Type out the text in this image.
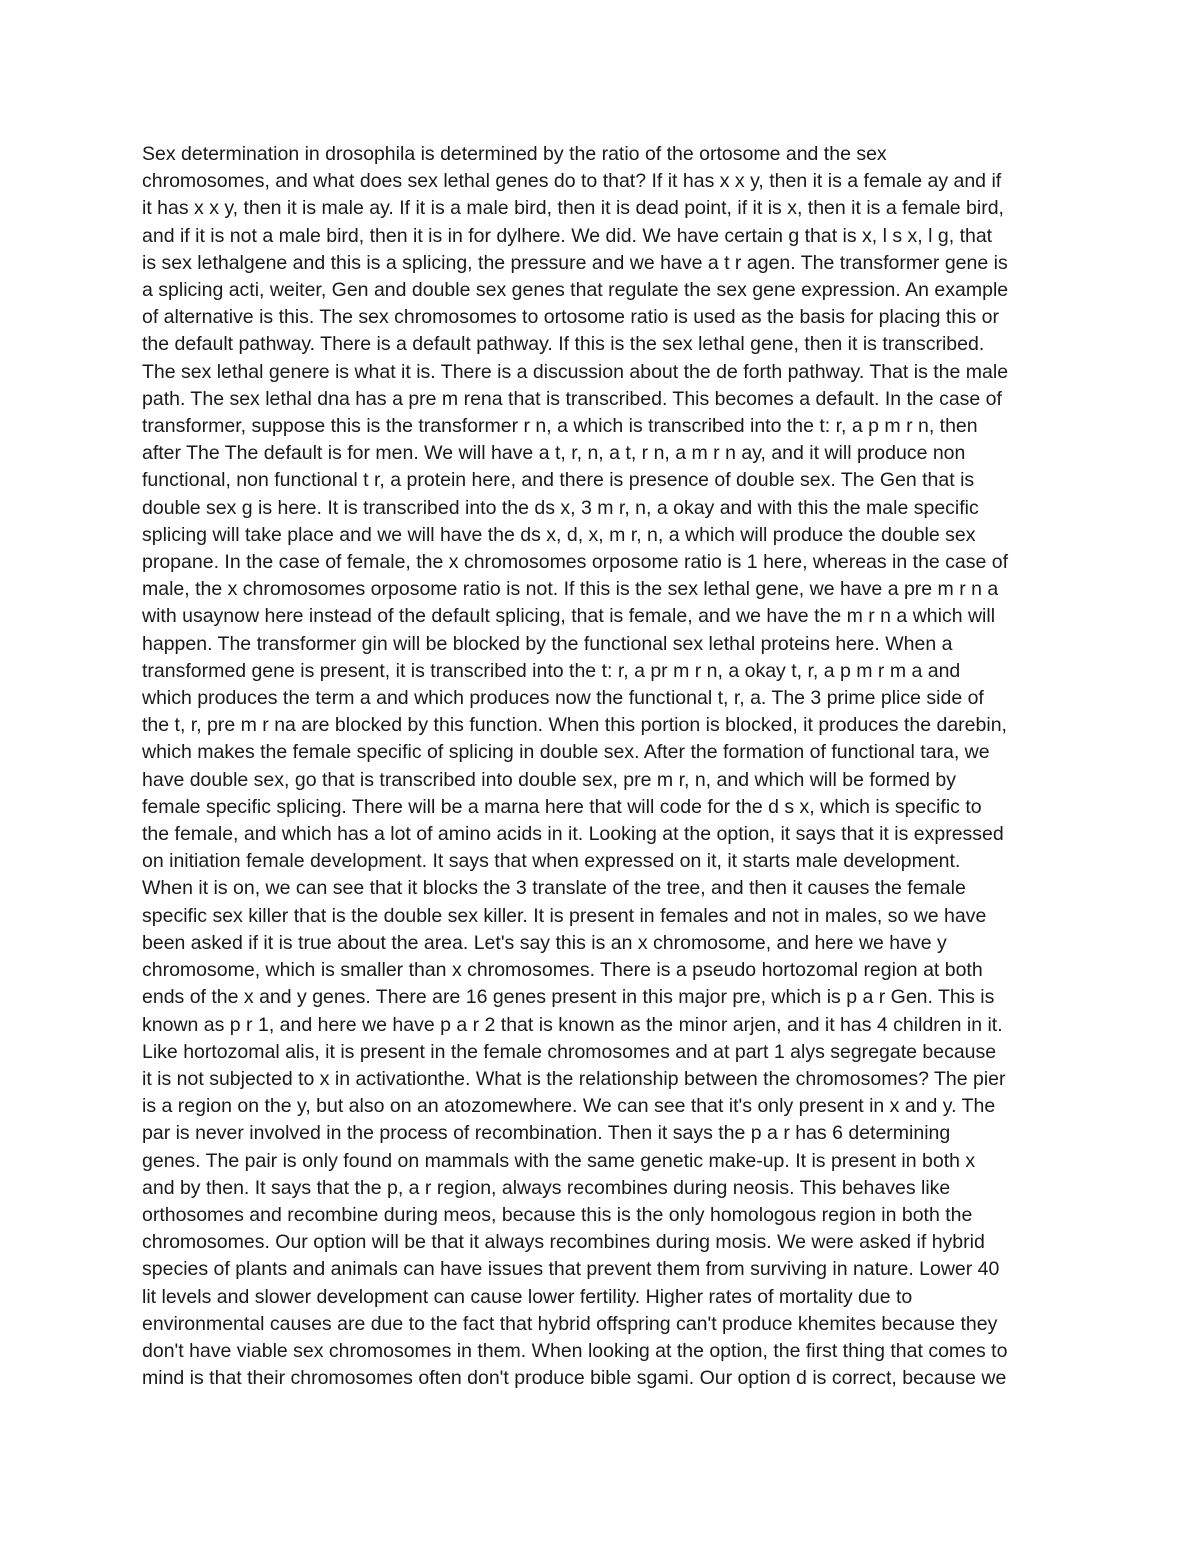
Sex determination in drosophila is determined by the ratio of the ortosome and the sex
chromosomes, and what does sex lethal genes do to that? If it has x x y, then it is a female ay and if
it has x x y, then it is male ay. If it is a male bird, then it is dead point, if it is x, then it is a female bird,
and if it is not a male bird, then it is in for dylhere. We did. We have certain g that is x, l s x, l g, that
is sex lethalgene and this is a splicing, the pressure and we have a t r agen. The transformer gene is
a splicing acti, weiter, Gen and double sex genes that regulate the sex gene expression. An example
of alternative is this. The sex chromosomes to ortosome ratio is used as the basis for placing this or
the default pathway. There is a default pathway. If this is the sex lethal gene, then it is transcribed.
The sex lethal genere is what it is. There is a discussion about the de forth pathway. That is the male
path. The sex lethal dna has a pre m rena that is transcribed. This becomes a default. In the case of
transformer, suppose this is the transformer r n, a which is transcribed into the t: r, a p m r n, then
after The The default is for men. We will have a t, r, n, a t, r n, a m r n ay, and it will produce non
functional, non functional t r, a protein here, and there is presence of double sex. The Gen that is
double sex g is here. It is transcribed into the ds x, 3 m r, n, a okay and with this the male specific
splicing will take place and we will have the ds x, d, x, m r, n, a which will produce the double sex
propane. In the case of female, the x chromosomes orposome ratio is 1 here, whereas in the case of
male, the x chromosomes orposome ratio is not. If this is the sex lethal gene, we have a pre m r n a
with usaynow here instead of the default splicing, that is female, and we have the m r n a which will
happen. The transformer gin will be blocked by the functional sex lethal proteins here. When a
transformed gene is present, it is transcribed into the t: r, a pr m r n, a okay t, r, a p m r m a and
which produces the term a and which produces now the functional t, r, a. The 3 prime plice side of
the t, r, pre m r na are blocked by this function. When this portion is blocked, it produces the darebin,
which makes the female specific of splicing in double sex. After the formation of functional tara, we
have double sex, go that is transcribed into double sex, pre m r, n, and which will be formed by
female specific splicing. There will be a marna here that will code for the d s x, which is specific to
the female, and which has a lot of amino acids in it. Looking at the option, it says that it is expressed
on initiation female development. It says that when expressed on it, it starts male development.
When it is on, we can see that it blocks the 3 translate of the tree, and then it causes the female
specific sex killer that is the double sex killer. It is present in females and not in males, so we have
been asked if it is true about the area. Let's say this is an x chromosome, and here we have y
chromosome, which is smaller than x chromosomes. There is a pseudo hortozomal region at both
ends of the x and y genes. There are 16 genes present in this major pre, which is p a r Gen. This is
known as p r 1, and here we have p a r 2 that is known as the minor arjen, and it has 4 children in it.
Like hortozomal alis, it is present in the female chromosomes and at part 1 alys segregate because
it is not subjected to x in activationthe. What is the relationship between the chromosomes? The pier
is a region on the y, but also on an atozomewhere. We can see that it's only present in x and y. The
par is never involved in the process of recombination. Then it says the p a r has 6 determining
genes. The pair is only found on mammals with the same genetic make-up. It is present in both x
and by then. It says that the p, a r region, always recombines during neosis. This behaves like
orthosomes and recombine during meos, because this is the only homologous region in both the
chromosomes. Our option will be that it always recombines during mosis. We were asked if hybrid
species of plants and animals can have issues that prevent them from surviving in nature. Lower 40
lit levels and slower development can cause lower fertility. Higher rates of mortality due to
environmental causes are due to the fact that hybrid offspring can't produce khemites because they
don't have viable sex chromosomes in them. When looking at the option, the first thing that comes to
mind is that their chromosomes often don't produce bible sgami. Our option d is correct, because we
